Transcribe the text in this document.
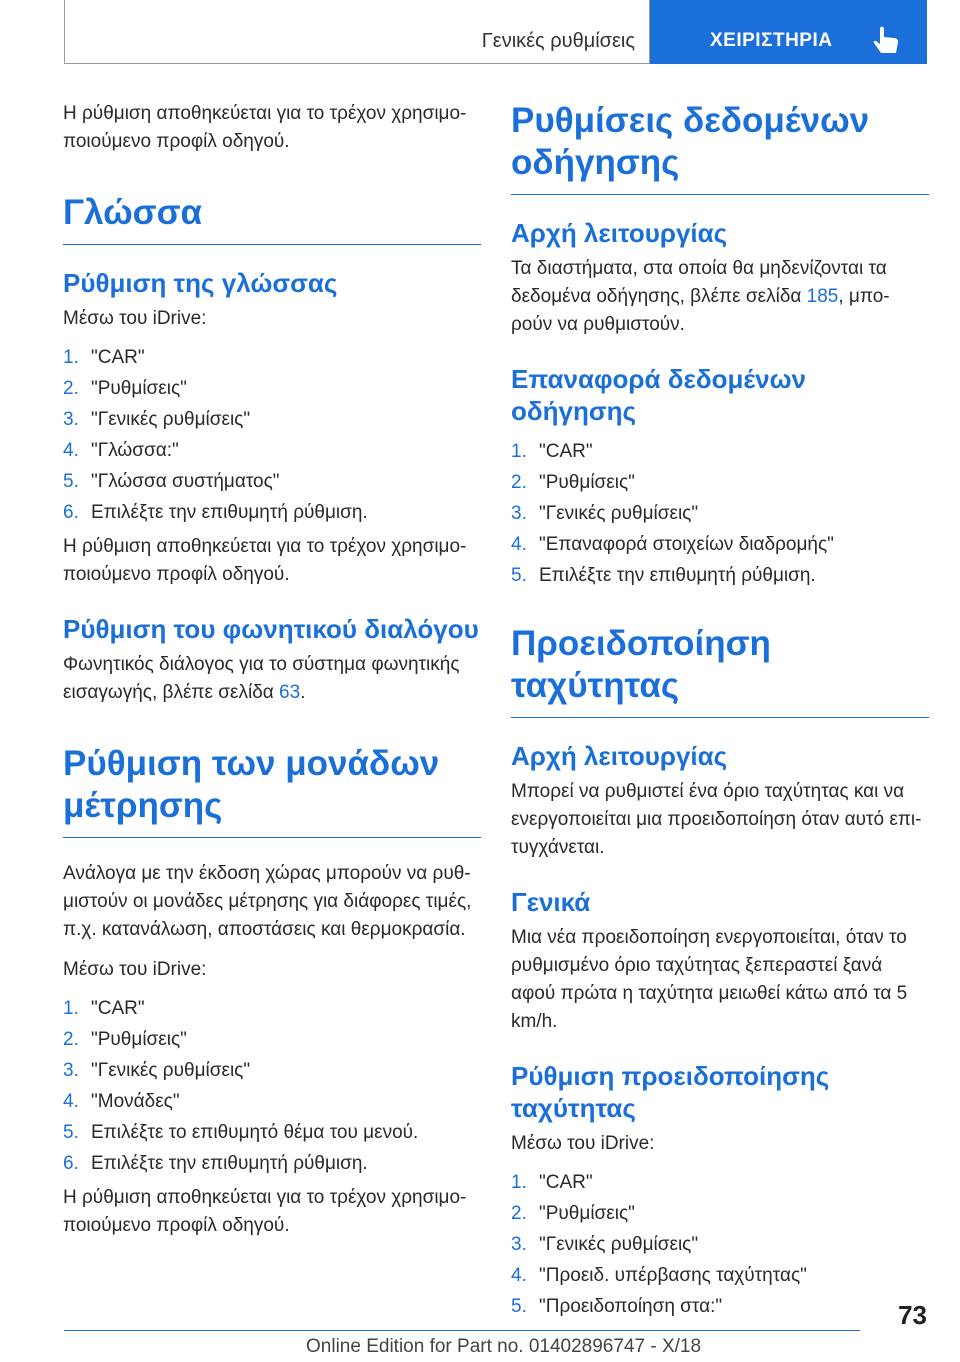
Γενικές ρυθμίσεις	ΧΕΙΡΙΣΤΗΡΙΑ

Η ρύθμιση αποθηκεύεται για το τρέχον χρησιμο-ποιούμενο προφίλ οδηγού.

Γλώσσα
Ρύθμιση της γλώσσας

Μέσω του iDrive:

1. "CAR"
2. "Ρυθμίσεις"
3. "Γενικές ρυθμίσεις"
4. "Γλώσσα:"
5. "Γλώσσα συστήματος"
6. Επιλέξτε την επιθυμητή ρύθμιση.

Η ρύθμιση αποθηκεύεται για το τρέχον χρησιμο-ποιούμενο προφίλ οδηγού.

Ρύθμιση του φωνητικού διαλόγου

Φωνητικός διάλογος για το σύστημα φωνητικής εισαγωγής, βλέπε σελίδα 63.

Ρύθμιση των μονάδων μέτρησης

Ανάλογα με την έκδοση χώρας μπορούν να ρυθ-μιστούν οι μονάδες μέτρησης για διάφορες τιμές, π.χ. κατανάλωση, αποστάσεις και θερμοκρασία.

Μέσω του iDrive:

1. "CAR"
2. "Ρυθμίσεις"
3. "Γενικές ρυθμίσεις"
4. "Μονάδες"
5. Επιλέξτε το επιθυμητό θέμα του μενού.
6. Επιλέξτε την επιθυμητή ρύθμιση.

Η ρύθμιση αποθηκεύεται για το τρέχον χρησιμο-ποιούμενο προφίλ οδηγού.

Ρυθμίσεις δεδομένων οδήγησης
Αρχή λειτουργίας

Τα διαστήματα, στα οποία θα μηδενίζονται τα δεδομένα οδήγησης, βλέπε σελίδα 185, μπο-ρούν να ρυθμιστούν.

Επαναφορά δεδομένων οδήγησης
1. "CAR"
2. "Ρυθμίσεις"
3. "Γενικές ρυθμίσεις"
4. "Επαναφορά στοιχείων διαδρομής"
5. Επιλέξτε την επιθυμητή ρύθμιση.
Προειδοποίηση ταχύτητας
Αρχή λειτουργίας

Μπορεί να ρυθμιστεί ένα όριο ταχύτητας και να ενεργοποιείται μια προειδοποίηση όταν αυτό επι-τυγχάνεται.

Γενικά

Μια νέα προειδοποίηση ενεργοποιείται, όταν το ρυθμισμένο όριο ταχύτητας ξεπεραστεί ξανά αφού πρώτα η ταχύτητα μειωθεί κάτω από τα 5 km/h.

Ρύθμιση προειδοποίησης ταχύτητας

Μέσω του iDrive:

1. "CAR"
2. "Ρυθμίσεις"
3. "Γενικές ρυθμίσεις"
4. "Προειδ. υπέρβασης ταχύτητας"
5. "Προειδοποίηση στα:"	73
Online Edition for Part no. 01402896747 - X/18
